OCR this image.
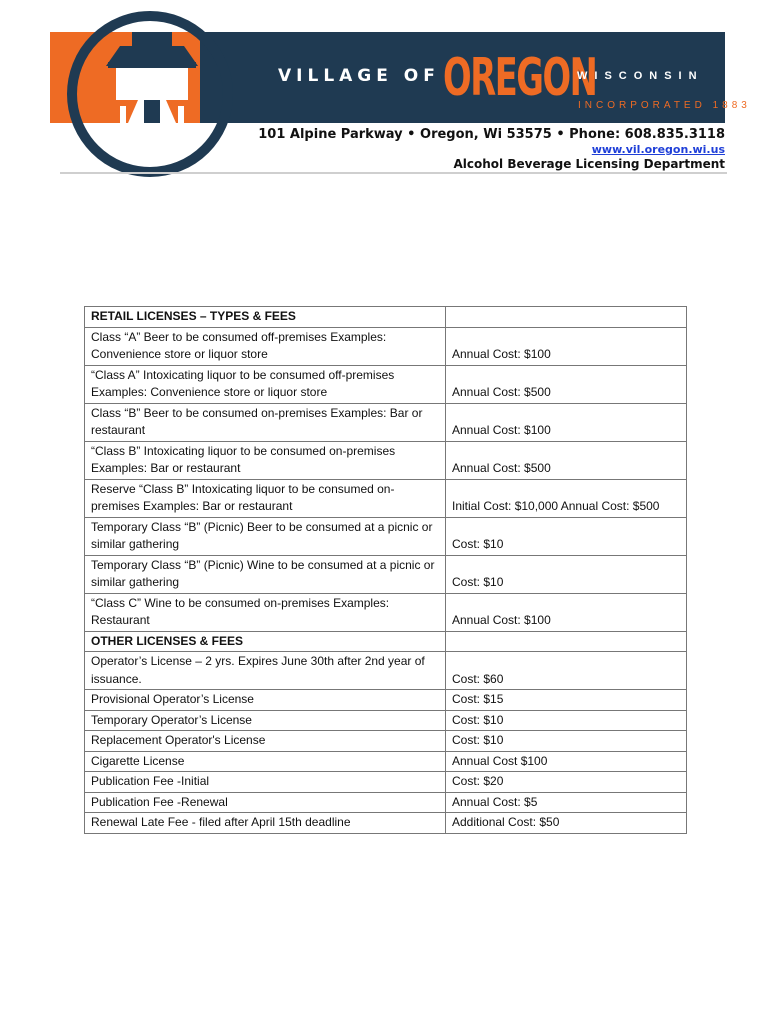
VILLAGE OF OREGON
WISCONSIN
INCORPORATED 1883
101 Alpine Parkway • Oregon, Wi 53575 • Phone: 608.835.3118
www.vil.oregon.wi.us
Alcohol Beverage Licensing Department
RETAIL LICENSES – TYPES & FEES	
Class “A” Beer to be consumed off-premises Examples: Convenience store or liquor store	Annual Cost: $100
“Class A” Intoxicating liquor to be consumed off-premises Examples: Convenience store or liquor store	Annual Cost: $500
Class “B” Beer to be consumed on-premises Examples: Bar or restaurant	Annual Cost: $100
“Class B” Intoxicating liquor to be consumed on-premises Examples: Bar or restaurant	Annual Cost: $500
Reserve “Class B” Intoxicating liquor to be consumed on-premises Examples: Bar or restaurant	Initial Cost: $10,000 Annual Cost: $500
Temporary Class “B” (Picnic) Beer to be consumed at a picnic or similar gathering	Cost: $10
Temporary Class “B” (Picnic) Wine to be consumed at a picnic or similar gathering	Cost: $10
“Class C” Wine to be consumed on-premises Examples: Restaurant	Annual Cost: $100
OTHER LICENSES & FEES	
Operator’s License – 2 yrs. Expires June 30th after 2nd year of issuance.	Cost: $60
Provisional Operator’s License	Cost: $15
Temporary Operator’s License	Cost: $10
Replacement Operator's License	Cost: $10
Cigarette License	Annual Cost $100
Publication Fee -Initial	Cost: $20
Publication Fee -Renewal	Annual Cost: $5
Renewal Late Fee - filed after April 15th deadline	Additional Cost: $50
